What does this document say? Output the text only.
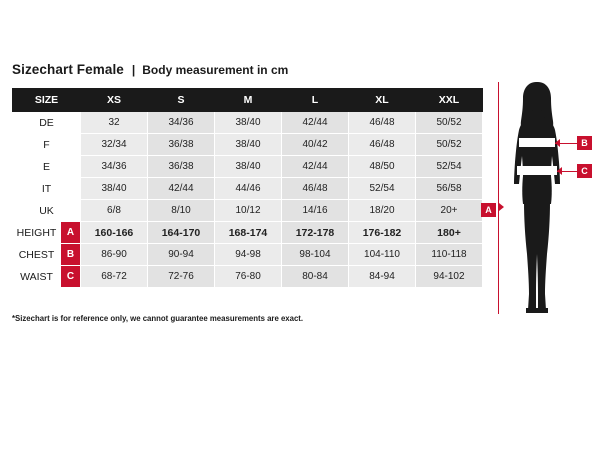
Sizechart Female | Body measurement in cm
SIZE	XS	S	M	L	XL	XXL
DE	32	34/36	38/40	42/44	46/48	50/52
F	32/34	36/38	38/40	40/42	46/48	50/52
E	34/36	36/38	38/40	42/44	48/50	52/54
IT	38/40	42/44	44/46	46/48	52/54	56/58
UK	6/8	8/10	10/12	14/16	18/20	20+
HEIGHT A	160-166	164-170	168-174	172-178	176-182	180+
CHEST B	86-90	90-94	94-98	98-104	104-110	110-118
WAIST C	68-72	72-76	76-80	80-84	84-94	94-102
*Sizechart is for reference only, we cannot guarantee measurements are exact.
A
B
C
